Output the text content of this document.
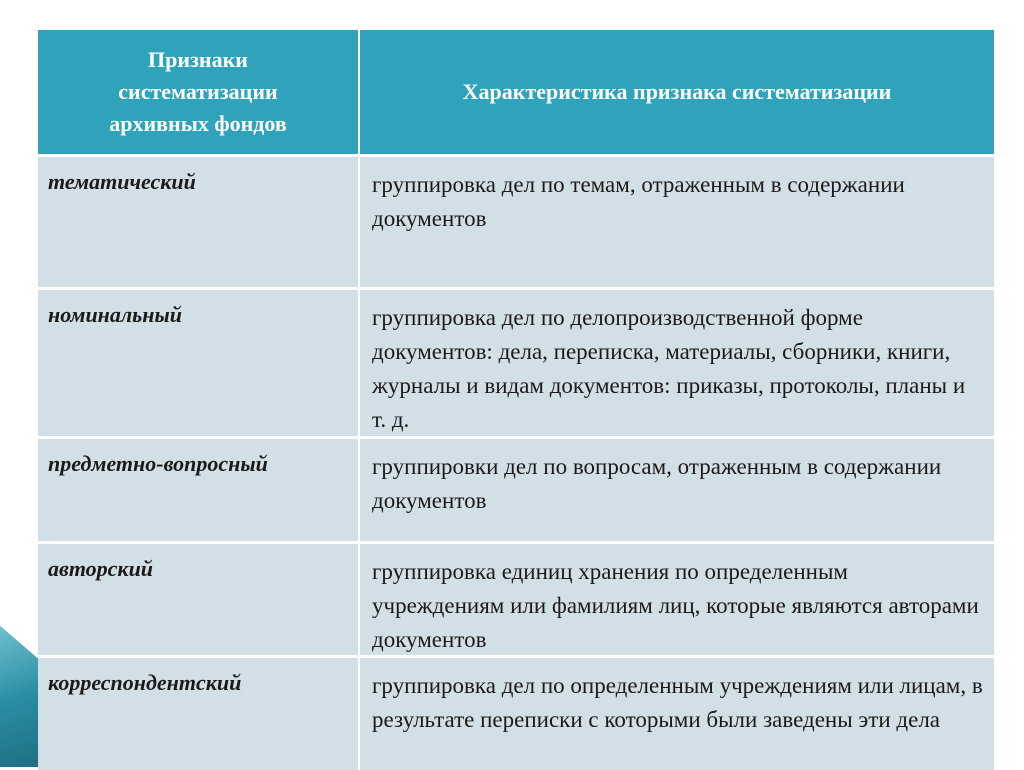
Признаки систематизации архивных фондов
Характеристика признака систематизации
тематический	группировка дел по темам, отраженным в содержании документов
номинальный	группировка дел по делопроизводственной форме документов: дела, переписка, материалы, сборники, книги, журналы и видам документов: приказы, протоколы, планы и т. д.
предметно-вопросный	группировки дел по вопросам, отраженным в содержании документов
авторский	группировка единиц хранения по определенным учреждениям или фамилиям лиц, которые являются авторами документов
корреспондентский	группировка дел по определенным учреждениям или лицам, в результате переписки с которыми были заведены эти дела
